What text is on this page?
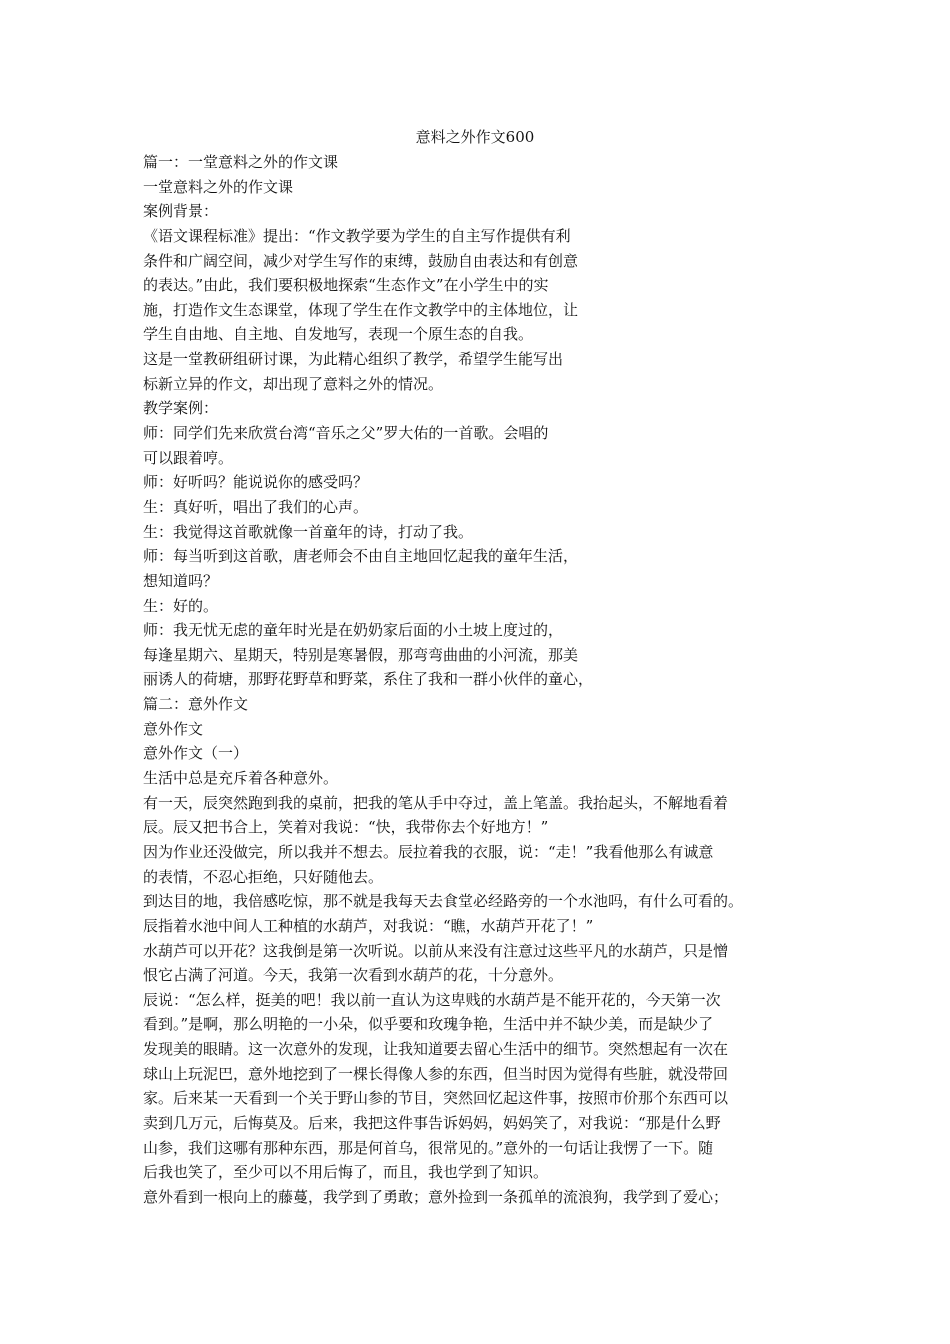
意料之外作文600
篇一：一堂意料之外的作文课
一堂意料之外的作文课
案例背景：
《语文课程标准》提出：“作文教学要为学生的自主写作提供有利
条件和广阔空间，减少对学生写作的束缚，鼓励自由表达和有创意
的表达。”由此，我们要积极地探索“生态作文”在小学生中的实
施，打造作文生态课堂，体现了学生在作文教学中的主体地位，让
学生自由地、自主地、自发地写，表现一个原生态的自我。
这是一堂教研组研讨课，为此精心组织了教学，希望学生能写出
标新立异的作文，却出现了意料之外的情况。
教学案例：
师：同学们先来欣赏台湾“音乐之父”罗大佑的一首歌。会唱的
可以跟着哼。
师：好听吗？能说说你的感受吗？
生：真好听，唱出了我们的心声。
生：我觉得这首歌就像一首童年的诗，打动了我。
师：每当听到这首歌，唐老师会不由自主地回忆起我的童年生活，
想知道吗？
生：好的。
师：我无忧无虑的童年时光是在奶奶家后面的小土坡上度过的，
每逢星期六、星期天，特别是寒暑假，那弯弯曲曲的小河流，那美
丽诱人的荷塘，那野花野草和野菜，系住了我和一群小伙伴的童心，
篇二：意外作文
意外作文
意外作文（一）
生活中总是充斥着各种意外。
有一天，辰突然跑到我的桌前，把我的笔从手中夺过，盖上笔盖。我抬起头，不解地看着
辰。辰又把书合上，笑着对我说：“快，我带你去个好地方！”
因为作业还没做完，所以我并不想去。辰拉着我的衣服，说：“走！”我看他那么有诚意
的表情，不忍心拒绝，只好随他去。
到达目的地，我倍感吃惊，那不就是我每天去食堂必经路旁的一个水池吗，有什么可看的。
辰指着水池中间人工种植的水葫芦，对我说：“瞧，水葫芦开花了！”
水葫芦可以开花？这我倒是第一次听说。以前从来没有注意过这些平凡的水葫芦，只是憎
恨它占满了河道。今天，我第一次看到水葫芦的花，十分意外。
辰说：“怎么样，挺美的吧！我以前一直认为这卑贱的水葫芦是不能开花的，今天第一次
看到。”是啊，那么明艳的一小朵，似乎要和玫瑰争艳，生活中并不缺少美，而是缺少了
发现美的眼睛。这一次意外的发现，让我知道要去留心生活中的细节。突然想起有一次在
球山上玩泥巴，意外地挖到了一棵长得像人参的东西，但当时因为觉得有些脏，就没带回
家。后来某一天看到一个关于野山参的节目，突然回忆起这件事，按照市价那个东西可以
卖到几万元，后悔莫及。后来，我把这件事告诉妈妈，妈妈笑了，对我说：“那是什么野
山参，我们这哪有那种东西，那是何首乌，很常见的。”意外的一句话让我愣了一下。随
后我也笑了，至少可以不用后悔了，而且，我也学到了知识。
意外看到一根向上的藤蔓，我学到了勇敢；意外捡到一条孤单的流浪狗，我学到了爱心；
